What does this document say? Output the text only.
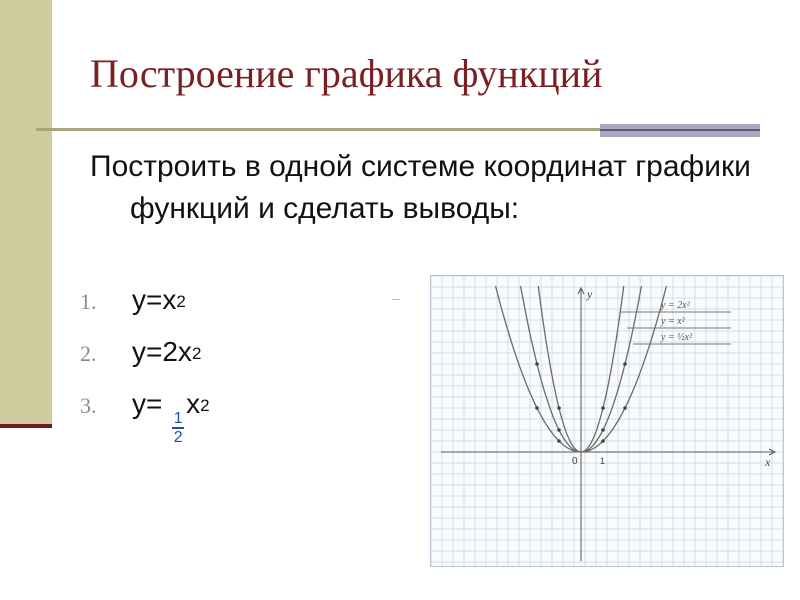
Построение графика функций
Построить в одной системе координат графики функций и сделать выводы:
1.	$y=x^2$
2.	$y=2x^2$
3.	y=
$\frac{1}{2}$
$x^2$
x
y
0 1
y = 2x²
y = x²
y = ½x²
